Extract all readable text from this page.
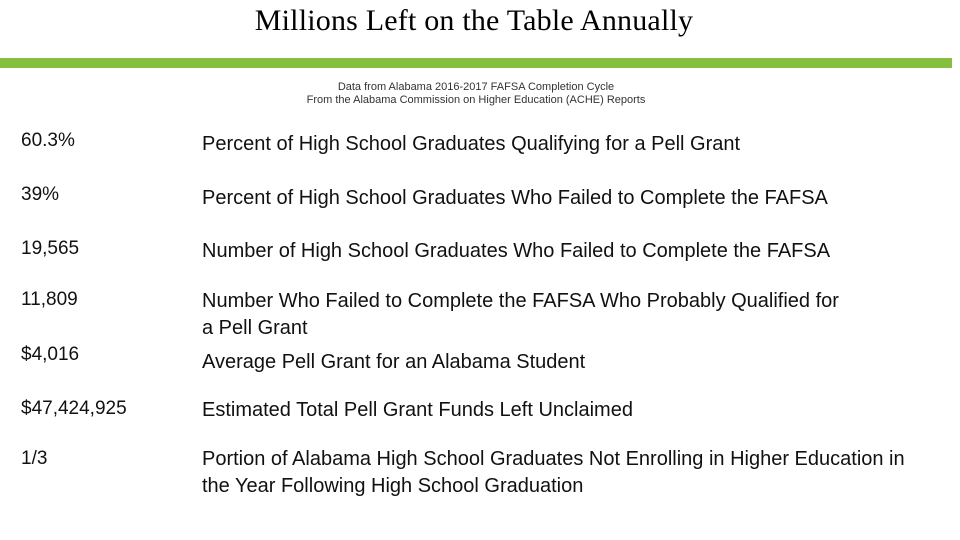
Millions Left on the Table Annually
Data from Alabama 2016-2017 FAFSA Completion Cycle
From the Alabama Commission on Higher Education (ACHE) Reports
60.3%	Percent of High School Graduates Qualifying for a Pell Grant
39%	Percent of High School Graduates Who Failed to Complete the FAFSA
19,565	Number of High School Graduates Who Failed to Complete the FAFSA
11,809	Number Who Failed to Complete the FAFSA Who Probably Qualified for a Pell Grant
$4,016	Average Pell Grant for an Alabama Student
$47,424,925	Estimated Total Pell Grant Funds Left Unclaimed
1/3	Portion of Alabama High School Graduates Not Enrolling in Higher Education in the Year Following High School Graduation
